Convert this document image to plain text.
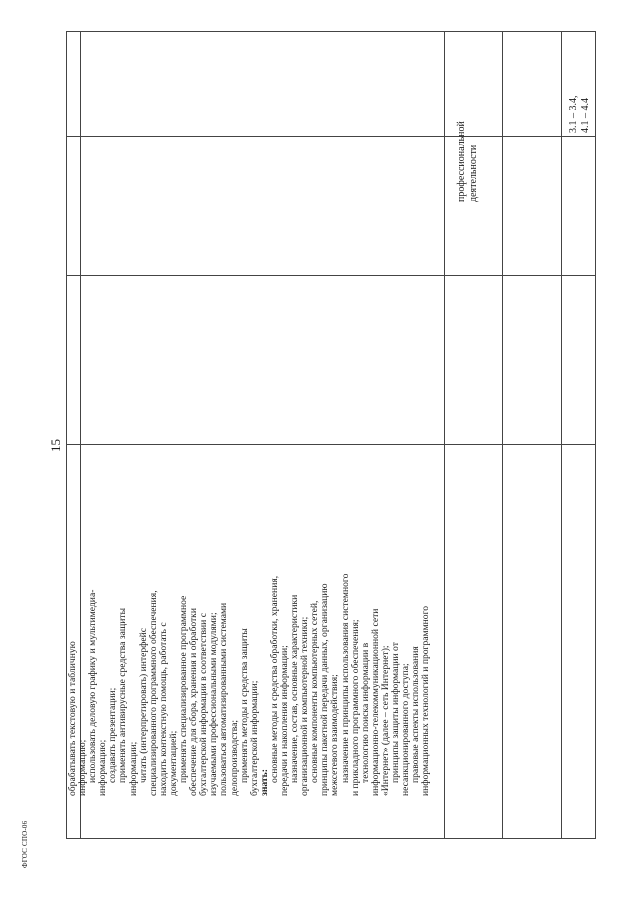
15
обрабатывать текстовую и табличную информацию; использовать деловую графику и мультимедиа- информацию; создавать презентации; применять антивирусные средства защиты информации; читать (интерпретировать) интерфейс специализированного программного обеспечения, находить контекстную помощь, работать с документацией; применять специализированное программное обеспечение для сбора, хранения и обработки бухгалтерской информации в соответствии с изучаемыми профессиональными модулями; пользоваться автоматизированными системами делопроизводства; применять методы и средства защиты бухгалтерской информации; знать: основные методы и средства обработки, хранения, передачи и накопления информации; назначение, состав, основные характеристики организационной и компьютерной техники; основные компоненты компьютерных сетей, принципы пакетной передачи данных, организацию межсетевого взаимодействия; назначение и принципы использования системного и прикладного программного обеспечения; технологию поиска информации в информационно-телекоммуникационной сети «Интернет» (далее – сеть Интернет); принципы защиты информации от несанкционированного доступа; правовые аспекты использования информационных технологий и программного
профессиональной деятельности
3.1 – 3.4, 4.1 – 4.4
ФГОС СПО-06
